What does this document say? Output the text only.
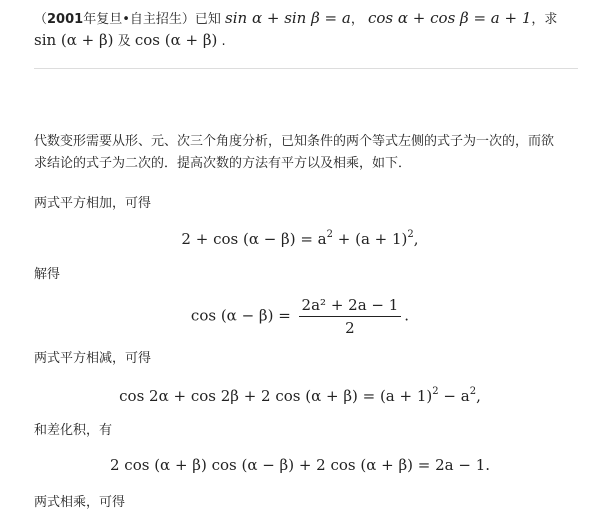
（2001年复旦•自主招生）已知 sin α + sin β = a， cos α + cos β = a + 1，求
sin (α + β) 及 cos (α + β) .
代数变形需要从形、元、次三个角度分析，已知条件的两个等式左侧的式子为一次的，而欲
求结论的式子为二次的．提高次数的方法有平方以及相乘，如下．
两式平方相加，可得
$2 + \cos (\alpha - \beta) = a^2 + (a + 1)^2$,
解得
$\cos (\alpha - \beta) = \frac{\text{2a² + 2a − 1}}{2}$ .
两式平方相减，可得
cos 2α + cos 2β + 2 $\cos (\alpha + \beta) = (a + 1)^2 - a^2$,
和差化积，有
2 cos (α + β) cos (α − β) + 2 cos (α + β) = 2a − 1.
两式相乘，可得
